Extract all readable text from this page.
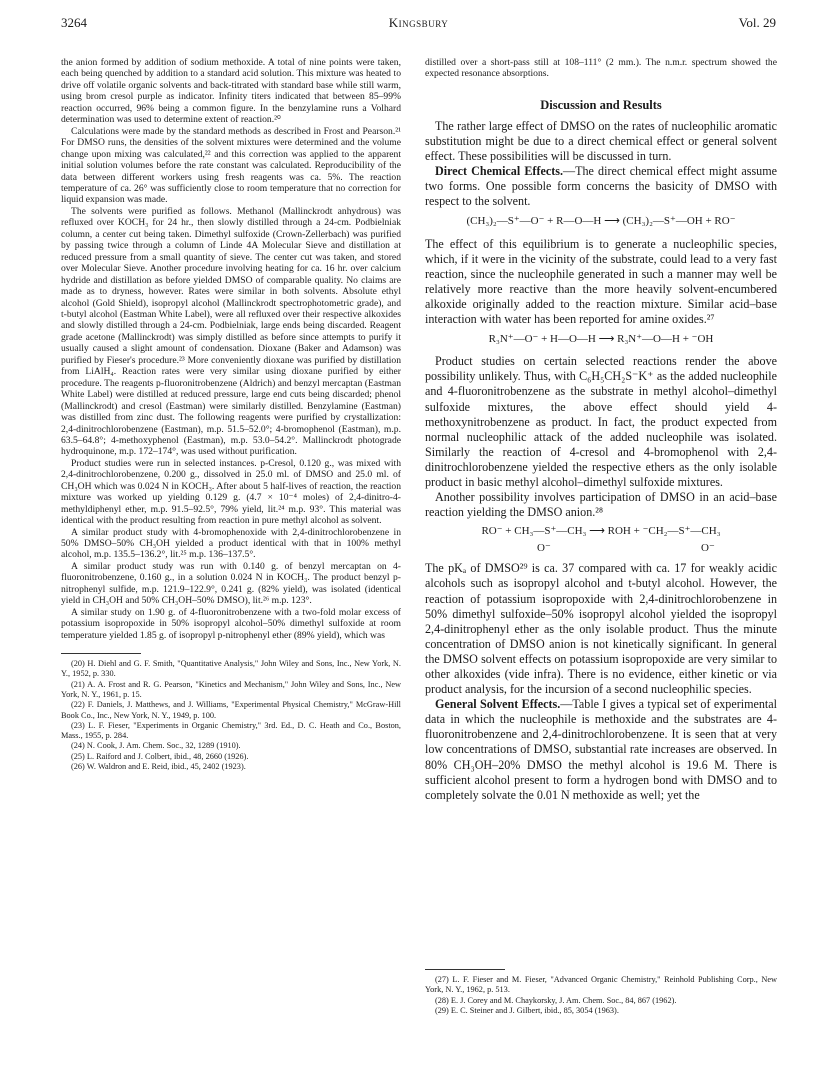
3264	Kingsbury	Vol. 29

the anion formed by addition of sodium methoxide. A total of nine points were taken, each being quenched by addition to a standard acid solution. This mixture was heated to drive off volatile organic solvents and back-titrated with standard base while still warm, using brom cresol purple as indicator. Infinity titers indicated that between 85–99% reaction occurred, 96% being a common figure. In the benzylamine runs a Volhard determination was used to determine extent of reaction.²⁰

Calculations were made by the standard methods as described in Frost and Pearson.²¹ For DMSO runs, the densities of the solvent mixtures were determined and the volume change upon mixing was calculated,²² and this correction was applied to the apparent initial solution volumes before the rate constant was calculated. Reproducibility of the data between different workers using fresh reagents was ca. 5%. The reaction temperature of ca. 26° was sufficiently close to room temperature that no correction for liquid expansion was made.

The solvents were purified as follows. Methanol (Mallinckrodt anhydrous) was refluxed over KOCH₃ for 24 hr., then slowly distilled through a 24-cm. Podbielniak column, a center cut being taken. Dimethyl sulfoxide (Crown-Zellerbach) was purified by passing twice through a column of Linde 4A Molecular Sieve and distillation at reduced pressure from a small quantity of sieve. The center cut was taken, and stored over Molecular Sieve. Another procedure involving heating for ca. 16 hr. over calcium hydride and distillation as before yielded DMSO of comparable quality. No claims are made as to dryness, however. Rates were similar in both solvents. Absolute ethyl alcohol (Gold Shield), isopropyl alcohol (Mallinckrodt spectrophotometric grade), and t-butyl alcohol (Eastman White Label), were all refluxed over their respective alkoxides and slowly distilled through a 24-cm. Podbielniak, large ends being discarded. Reagent grade acetone (Mallinckrodt) was simply distilled as before since attempts to purify it usually caused a slight amount of condensation. Dioxane (Baker and Adamson) was purified by Fieser's procedure.²³ More conveniently dioxane was purified by distillation from LiAlH₄. Reaction rates were very similar using dioxane purified by either procedure. The reagents p-fluoronitrobenzene (Aldrich) and benzyl mercaptan (Eastman White Label) were distilled at reduced pressure, large end cuts being discarded; phenol (Mallinckrodt) and cresol (Eastman) were similarly distilled. Benzylamine (Eastman) was distilled from zinc dust. The following reagents were purified by crystallization: 2,4-dinitrochlorobenzene (Eastman), m.p. 51.5–52.0°; 4-bromophenol (Eastman), m.p. 63.5–64.8°; 4-methoxyphenol (Eastman), m.p. 53.0–54.2°. Mallinckrodt photograde hydroquinone, m.p. 172–174°, was used without purification.

Product studies were run in selected instances. p-Cresol, 0.120 g., was mixed with 2,4-dinitrochlorobenzene, 0.200 g., dissolved in 25.0 ml. of DMSO and 25.0 ml. of CH₃OH which was 0.024 N in KOCH₃. After about 5 half-lives of reaction, the reaction mixture was worked up yielding 0.129 g. (4.7 × 10⁻⁴ moles) of 2,4-dinitro-4-methyldiphenyl ether, m.p. 91.5–92.5°, 79% yield, lit.²⁴ m.p. 93°. This material was identical with the product resulting from reaction in pure methyl alcohol as solvent.

A similar product study with 4-bromophenoxide with 2,4-dinitrochlorobenzene in 50% DMSO–50% CH₃OH yielded a product identical with that in 100% methyl alcohol, m.p. 135.5–136.2°, lit.²⁵ m.p. 136–137.5°.

A similar product study was run with 0.140 g. of benzyl mercaptan on 4-fluoronitrobenzene, 0.160 g., in a solution 0.024 N in KOCH₃. The product benzyl p-nitrophenyl sulfide, m.p. 121.9–122.9°, 0.241 g. (82% yield), was isolated (identical yield in CH₃OH and 50% CH₃OH–50% DMSO), lit.²⁶ m.p. 123°.

A similar study on 1.90 g. of 4-fluoronitrobenzene with a two-fold molar excess of potassium isopropoxide in 50% isopropyl alcohol–50% dimethyl sulfoxide at room temperature yielded 1.85 g. of isopropyl p-nitrophenyl ether (89% yield), which was

(20) H. Diehl and G. F. Smith, "Quantitative Analysis," John Wiley and Sons, Inc., New York, N. Y., 1952, p. 330.

(21) A. A. Frost and R. G. Pearson, "Kinetics and Mechanism," John Wiley and Sons, Inc., New York, N. Y., 1961, p. 15.

(22) F. Daniels, J. Matthews, and J. Williams, "Experimental Physical Chemistry," McGraw-Hill Book Co., Inc., New York, N. Y., 1949, p. 100.

(23) L. F. Fieser, "Experiments in Organic Chemistry," 3rd. Ed., D. C. Heath and Co., Boston, Mass., 1955, p. 284.

(24) N. Cook, J. Am. Chem. Soc., 32, 1289 (1910).

(25) L. Raiford and J. Colbert, ibid., 48, 2660 (1926).

(26) W. Waldron and E. Reid, ibid., 45, 2402 (1923).

distilled over a short-pass still at 108–111° (2 mm.). The n.m.r. spectrum showed the expected resonance absorptions.

Discussion and Results

The rather large effect of DMSO on the rates of nucleophilic aromatic substitution might be due to a direct chemical effect or general solvent effect. These possibilities will be discussed in turn.

Direct Chemical Effects.—The direct chemical effect might assume two forms. One possible form concerns the basicity of DMSO with respect to the solvent.

(CH₃)₂—S⁺—O⁻ + R—O—H ⟶ (CH₃)₂—S⁺—OH + RO⁻

The effect of this equilibrium is to generate a nucleophilic species, which, if it were in the vicinity of the substrate, could lead to a very fast reaction, since the nucleophile generated in such a manner may well be relatively more reactive than the more heavily solvent-encumbered alkoxide originally added to the reaction mixture. Similar acid–base interaction with water has been reported for amine oxides.²⁷

R₃N⁺—O⁻ + H—O—H ⟶ R₃N⁺—O—H + ⁻OH

Product studies on certain selected reactions render the above possibility unlikely. Thus, with C₆H₅CH₂S⁻K⁺ as the added nucleophile and 4-fluoronitrobenzene as the substrate in methyl alcohol–dimethyl sulfoxide mixtures, the above effect should yield 4-methoxynitrobenzene as product. In fact, the product expected from normal nucleophilic attack of the added nucleophile was isolated. Similarly the reaction of 4-cresol and 4-bromophenol with 2,4-dinitrochlorobenzene yielded the respective ethers as the only isolable product in basic methyl alcohol–dimethyl sulfoxide mixtures.

Another possibility involves participation of DMSO in an acid–base reaction yielding the DMSO anion.²⁸

RO⁻ + CH₃—S⁺—CH₃ ⟶ ROH + ⁻CH₂—S⁺—CH₃
O⁻	O⁻

The pKₐ of DMSO²⁹ is ca. 37 compared with ca. 17 for weakly acidic alcohols such as isopropyl alcohol and t-butyl alcohol. However, the reaction of potassium isopropoxide with 2,4-dinitrochlorobenzene in 50% dimethyl sulfoxide–50% isopropyl alcohol yielded the isopropyl 2,4-dinitrophenyl ether as the only isolable product. Thus the minute concentration of DMSO anion is not kinetically significant. In general the DMSO solvent effects on potassium isopropoxide are very similar to other alkoxides (vide infra). There is no evidence, either kinetic or via product analysis, for the incursion of a second nucleophilic species.

General Solvent Effects.—Table I gives a typical set of experimental data in which the nucleophile is methoxide and the substrates are 4-fluoronitrobenzene and 2,4-dinitrochlorobenzene. It is seen that at very low concentrations of DMSO, substantial rate increases are observed. In 80% CH₃OH–20% DMSO the methyl alcohol is 19.6 M. There is sufficient alcohol present to form a hydrogen bond with DMSO and to completely solvate the 0.01 N methoxide as well; yet the

(27) L. F. Fieser and M. Fieser, "Advanced Organic Chemistry," Reinhold Publishing Corp., New York, N. Y., 1962, p. 513.

(28) E. J. Corey and M. Chaykorsky, J. Am. Chem. Soc., 84, 867 (1962).

(29) E. C. Steiner and J. Gilbert, ibid., 85, 3054 (1963).
